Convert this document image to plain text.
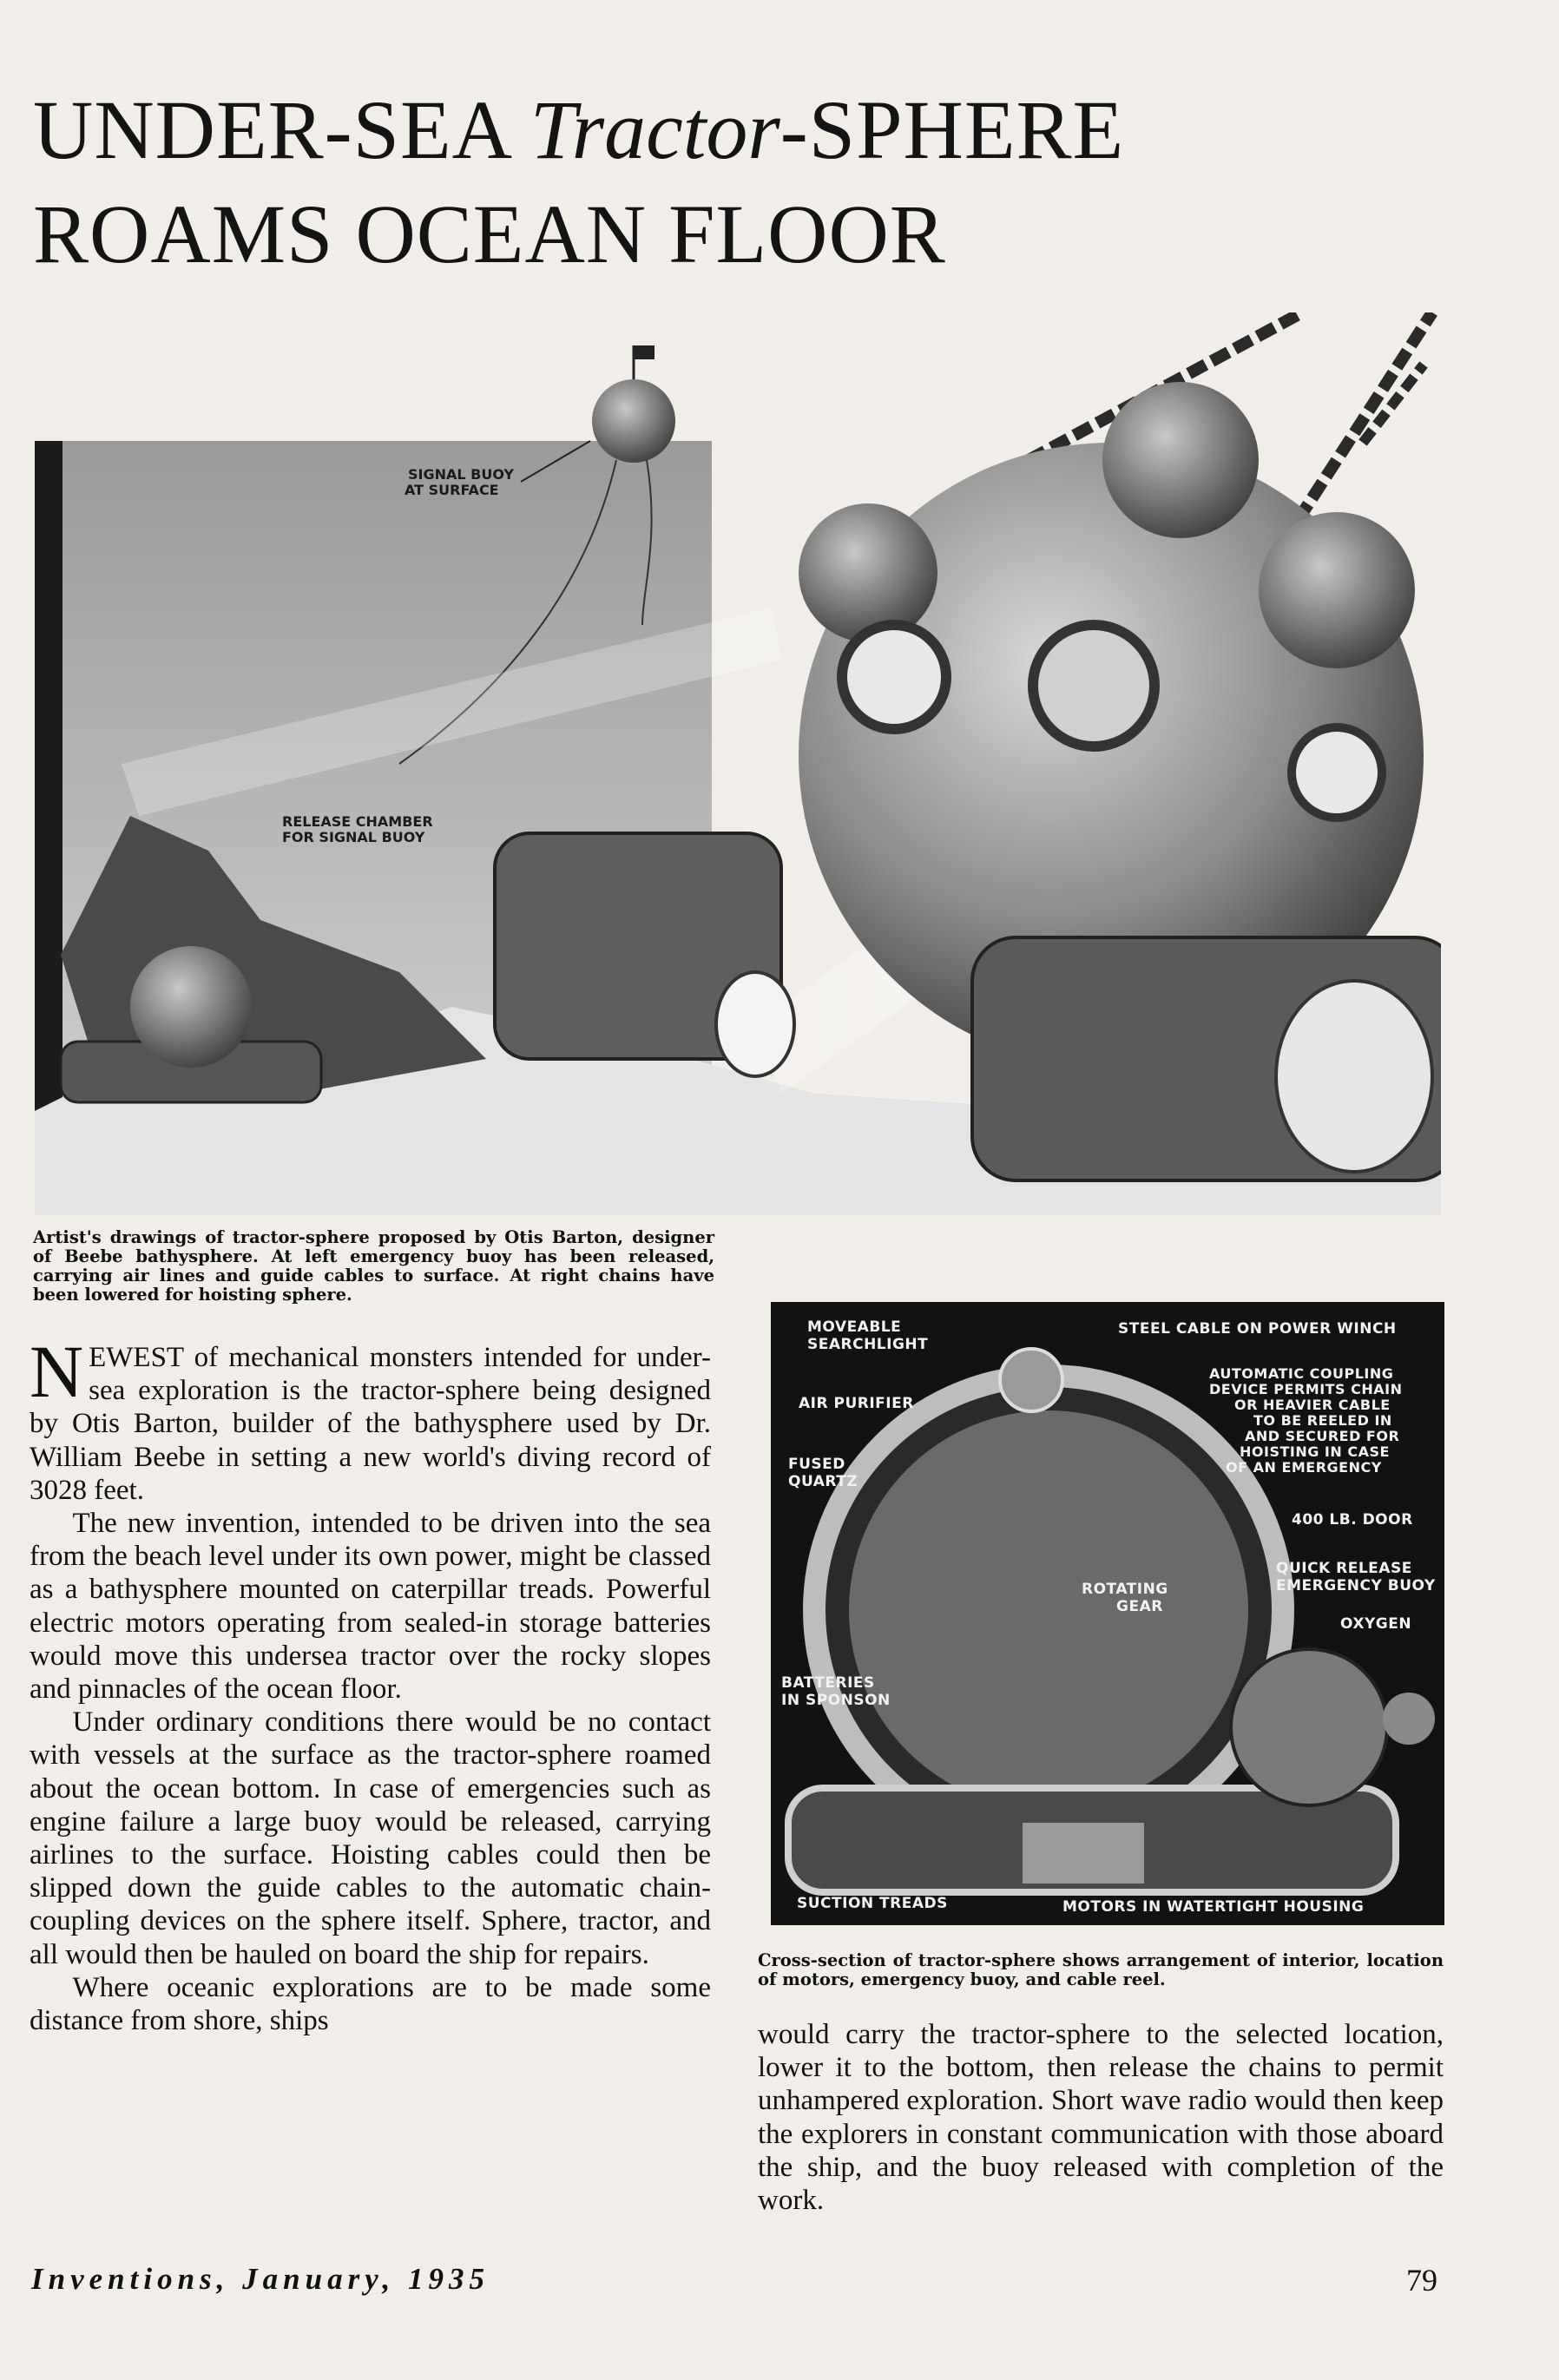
UNDER-SEA Tractor-SPHERE
ROAMS OCEAN FLOOR
SIGNAL BUOY
AT SURFACE
RELEASE CHAMBER
FOR SIGNAL BUOY
Artist's drawings of tractor-sphere proposed by Otis Barton, designer of Beebe bathysphere. At left emergency buoy has been released, carrying air lines and guide cables to surface. At right chains have been lowered for hoisting sphere.
MOVEABLE
SEARCHLIGHT
STEEL CABLE ON POWER WINCH
AIR PURIFIER
AUTOMATIC COUPLING
DEVICE PERMITS CHAIN
OR HEAVIER CABLE
TO BE REELED IN
AND SECURED FOR
HOISTING IN CASE
OF AN EMERGENCY
FUSED
QUARTZ
400 LB. DOOR
QUICK RELEASE
EMERGENCY BUOY
ROTATING
GEAR
OXYGEN
BATTERIES
IN SPONSON
SUCTION TREADS	MOTORS IN WATERTIGHT HOUSING
Cross-section of tractor-sphere shows arrangement of interior, location of motors, emergency buoy, and cable reel.

NEWEST of mechanical monsters intended for under-sea exploration is the tractor-sphere being designed by Otis Barton, builder of the bathysphere used by Dr. William Beebe in setting a new world's diving record of 3028 feet.

The new invention, intended to be driven into the sea from the beach level under its own power, might be classed as a bathysphere mounted on caterpillar treads. Powerful electric motors operating from sealed-in storage batteries would move this undersea tractor over the rocky slopes and pinnacles of the ocean floor.

Under ordinary conditions there would be no contact with vessels at the surface as the tractor-sphere roamed about the ocean bottom. In case of emergencies such as engine failure a large buoy would be released, carrying airlines to the surface. Hoisting cables could then be slipped down the guide cables to the automatic chain-coupling devices on the sphere itself. Sphere, tractor, and all would then be hauled on board the ship for repairs.

Where oceanic explorations are to be made some distance from shore, ships	would carry the tractor-sphere to the selected location, lower it to the bottom, then release the chains to permit unhampered exploration. Short wave radio would then keep the explorers in constant communication with those aboard the ship, and the buoy released with completion of the work.

Inventions, January, 1935	79
